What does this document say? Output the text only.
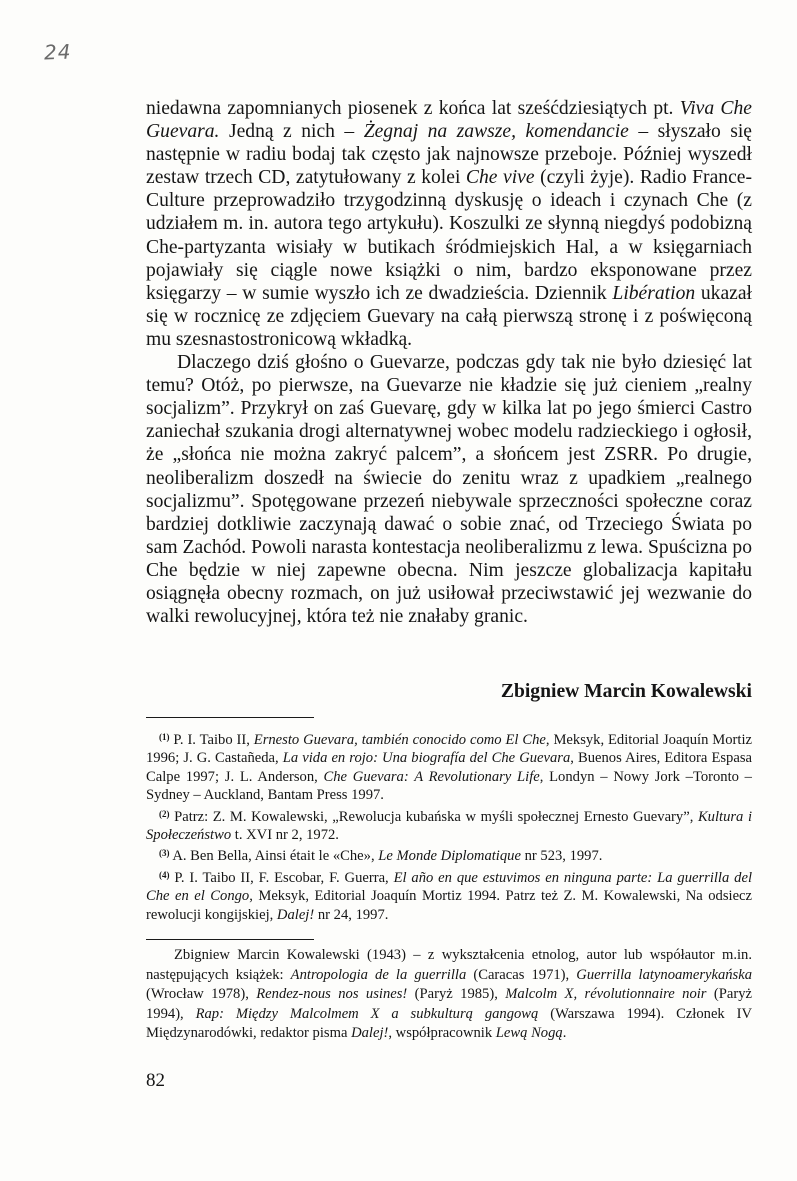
24

niedawna zapomnianych piosenek z końca lat sześćdziesiątych pt. Viva Che Guevara. Jedną z nich – Żegnaj na zawsze, komendancie – słyszało się następnie w radiu bodaj tak często jak najnowsze przeboje. Później wyszedł zestaw trzech CD, zatytułowany z kolei Che vive (czyli żyje). Radio France-Culture przeprowadziło trzygodzinną dyskusję o ideach i czynach Che (z udziałem m. in. autora tego artykułu). Koszulki ze słynną niegdyś podobizną Che-partyzanta wisiały w butikach śródmiejskich Hal, a w księgarniach pojawiały się ciągle nowe książki o nim, bardzo eksponowane przez księgarzy – w sumie wyszło ich ze dwadzieścia. Dziennik Libération ukazał się w rocznicę ze zdjęciem Guevary na całą pierwszą stronę i z poświęconą mu szesnastostronicową wkładką.

Dlaczego dziś głośno o Guevarze, podczas gdy tak nie było dziesięć lat temu? Otóż, po pierwsze, na Guevarze nie kładzie się już cieniem „realny socjalizm”. Przykrył on zaś Guevarę, gdy w kilka lat po jego śmierci Castro zaniechał szukania drogi alternatywnej wobec modelu radzieckiego i ogłosił, że „słońca nie można zakryć palcem”, a słońcem jest ZSRR. Po drugie, neoliberalizm doszedł na świecie do zenitu wraz z upadkiem „realnego socjalizmu”. Spotęgowane przezeń niebywale sprzeczności społeczne coraz bardziej dotkliwie zaczynają dawać o sobie znać, od Trzeciego Świata po sam Zachód. Powoli narasta kontestacja neoliberalizmu z lewa. Spuścizna po Che będzie w niej zapewne obecna. Nim jeszcze globalizacja kapitału osiągnęła obecny rozmach, on już usiłował przeciwstawić jej wezwanie do walki rewolucyjnej, która też nie znałaby granic.

Zbigniew Marcin Kowalewski

$^{(1)}$ P. I. Taibo II, Ernesto Guevara, también conocido como El Che, Meksyk, Editorial Joaquín Mortiz 1996; J. G. Castañeda, La vida en rojo: Una biografía del Che Guevara, Buenos Aires, Editora Espasa Calpe 1997; J. L. Anderson, Che Guevara: A Revolutionary Life, Londyn – Nowy Jork –Toronto – Sydney – Auckland, Bantam Press 1997.

$^{(2)}$ Patrz: Z. M. Kowalewski, „Rewolucja kubańska w myśli społecznej Ernesto Guevary”, Kultura i Społeczeństwo t. XVI nr 2, 1972.

$^{(3)}$ A. Ben Bella, Ainsi était le «Che», Le Monde Diplomatique nr 523, 1997.

$^{(4)}$ P. I. Taibo II, F. Escobar, F. Guerra, El año en que estuvimos en ninguna parte: La guerrilla del Che en el Congo, Meksyk, Editorial Joaquín Mortiz 1994. Patrz też Z. M. Kowalewski, Na odsiecz rewolucji kongijskiej, Dalej! nr 24, 1997.

Zbigniew Marcin Kowalewski (1943) – z wykształcenia etnolog, autor lub współautor m.in. następujących książek: Antropologia de la guerrilla (Caracas 1971), Guerrilla latynoamerykańska (Wrocław 1978), Rendez-nous nos usines! (Paryż 1985), Malcolm X, révolutionnaire noir (Paryż 1994), Rap: Między Malcolmem X a subkulturą gangową (Warszawa 1994). Członek IV Międzynarodówki, redaktor pisma Dalej!, współpracownik Lewą Nogą.

82
